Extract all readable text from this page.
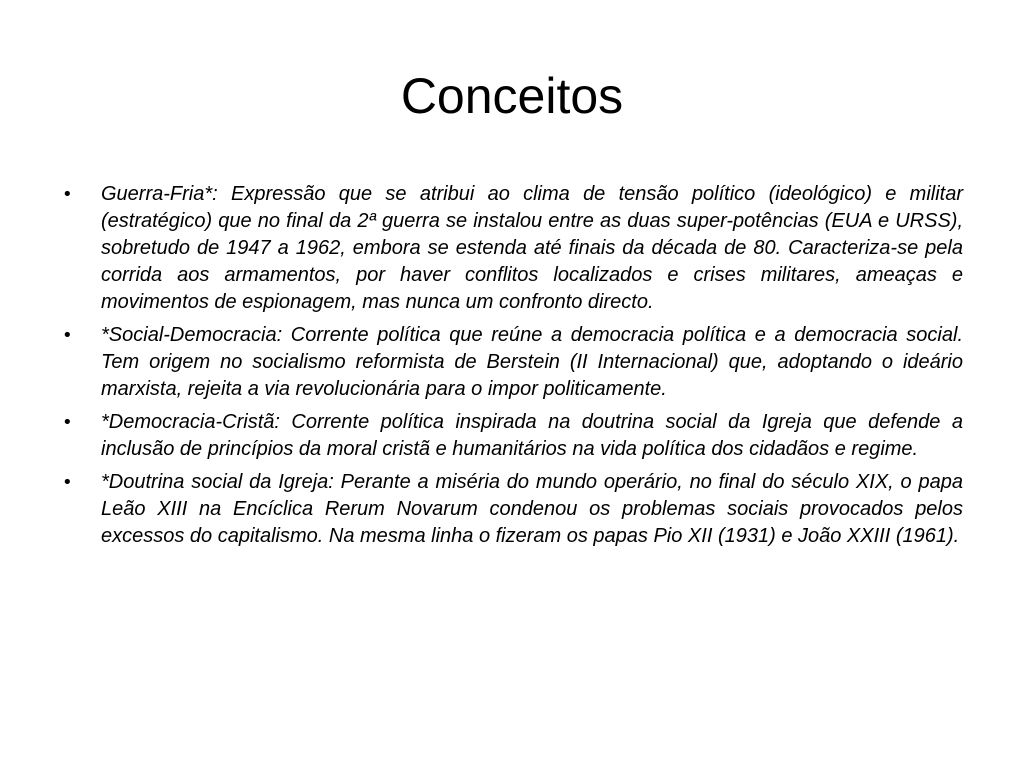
Conceitos
• Guerra-Fria*: Expressão que se atribui ao clima de tensão político (ideológico) e militar (estratégico) que no final da 2ª guerra se instalou entre as duas super-potências (EUA e URSS), sobretudo de 1947 a 1962, embora se estenda até finais da década de 80. Caracteriza-se pela corrida aos armamentos, por haver conflitos localizados e crises militares, ameaças e movimentos de espionagem, mas nunca um confronto directo.
• *Social-Democracia: Corrente política que reúne a democracia política e a democracia social. Tem origem no socialismo reformista de Berstein (II Internacional) que, adoptando o ideário marxista, rejeita a via revolucionária para o impor politicamente.
• *Democracia-Cristã: Corrente política inspirada na doutrina social da Igreja que defende a inclusão de princípios da moral cristã e humanitários na vida política dos cidadãos e regime.
• *Doutrina social da Igreja: Perante a miséria do mundo operário, no final do século XIX, o papa Leão XIII na Encíclica Rerum Novarum condenou os problemas sociais provocados pelos excessos do capitalismo. Na mesma linha o fizeram os papas Pio XII (1931) e João XXIII (1961).
